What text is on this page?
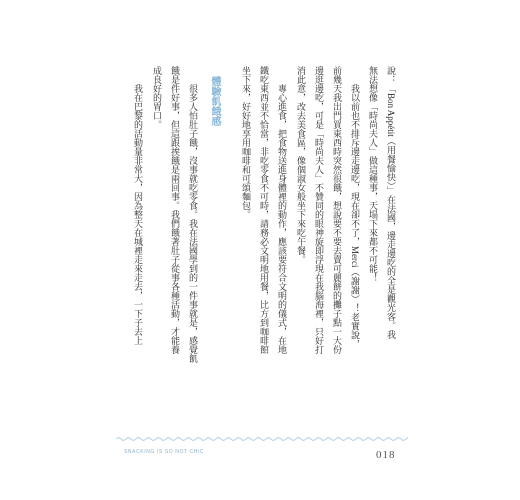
說：「Bon Appétit（用餐愉快）」在法國，邊走邊吃的全是觀光客。我
無法想像「時尚夫人」做這種事，天塌下來都不可能！
我以前也不排斥邊走邊吃，現在卻不了，Merci（謝謝）！老實說，
前幾天我出門買東西時突然很餓，想說要不要去賣可麗餅的攤子點一大份
邊逛邊吃，可是「時尚夫人」不贊同的眼神旋即浮現在我腦海裡，只好打
消此意，改去美食區，像個淑女般坐下來吃午餐。
專心進食，把食物送進身體裡的動作，應該要符合文明的儀式，在地
鐵吃東西並不恰當，非吃零食不可時，請務必文明地用餐，比方到咖啡館
坐下來，好好地享用咖啡和可頌麵包。
體驗飢餓感
很多人怕肚子餓，沒事就吃零食。我在法國學到的一件事就是，感覺飢
餓是件好事，但這跟挨餓是兩回事。我們餓著肚子從事各種活動，才能養
成良好的胃口。
我在巴黎的活動量非常大，因為整天在城裡走來走去，一下子去上
SNACKING IS SO NOT CHIC	018
